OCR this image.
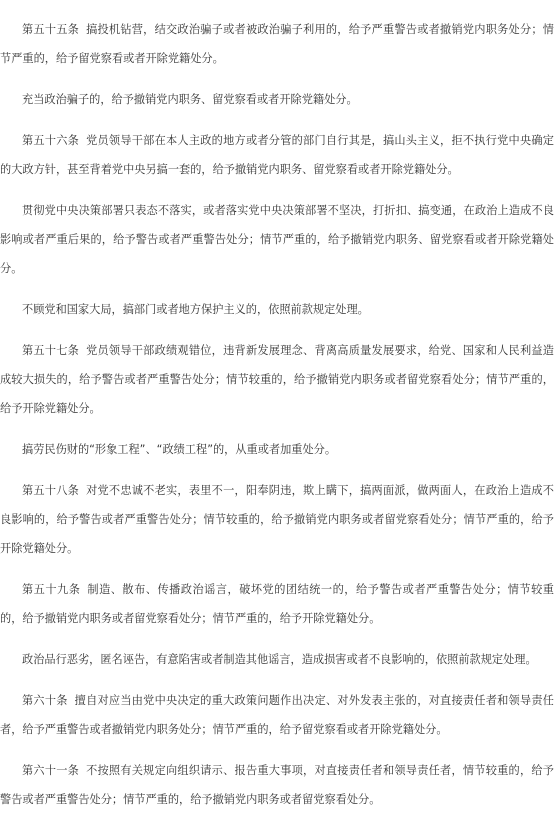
第五十五条 搞投机钻营，结交政治骗子或者被政治骗子利用的，给予严重警告或者撤销党内职务处分；情节严重的，给予留党察看或者开除党籍处分。

充当政治骗子的，给予撤销党内职务、留党察看或者开除党籍处分。

第五十六条 党员领导干部在本人主政的地方或者分管的部门自行其是，搞山头主义，拒不执行党中央确定的大政方针，甚至背着党中央另搞一套的，给予撤销党内职务、留党察看或者开除党籍处分。

贯彻党中央决策部署只表态不落实，或者落实党中央决策部署不坚决，打折扣、搞变通，在政治上造成不良影响或者严重后果的，给予警告或者严重警告处分；情节严重的，给予撤销党内职务、留党察看或者开除党籍处分。

不顾党和国家大局，搞部门或者地方保护主义的，依照前款规定处理。

第五十七条 党员领导干部政绩观错位，违背新发展理念、背离高质量发展要求，给党、国家和人民利益造成较大损失的，给予警告或者严重警告处分；情节较重的，给予撤销党内职务或者留党察看处分；情节严重的，给予开除党籍处分。

搞劳民伤财的“形象工程”、“政绩工程”的，从重或者加重处分。

第五十八条 对党不忠诚不老实，表里不一，阳奉阴违，欺上瞒下，搞两面派，做两面人，在政治上造成不良影响的，给予警告或者严重警告处分；情节较重的，给予撤销党内职务或者留党察看处分；情节严重的，给予开除党籍处分。

第五十九条 制造、散布、传播政治谣言，破坏党的团结统一的，给予警告或者严重警告处分；情节较重的，给予撤销党内职务或者留党察看处分；情节严重的，给予开除党籍处分。

政治品行恶劣，匿名诬告，有意陷害或者制造其他谣言，造成损害或者不良影响的，依照前款规定处理。

第六十条 擅自对应当由党中央决定的重大政策问题作出决定、对外发表主张的，对直接责任者和领导责任者，给予严重警告或者撤销党内职务处分；情节严重的，给予留党察看或者开除党籍处分。

第六十一条 不按照有关规定向组织请示、报告重大事项，对直接责任者和领导责任者，情节较重的，给予警告或者严重警告处分；情节严重的，给予撤销党内职务或者留党察看处分。
